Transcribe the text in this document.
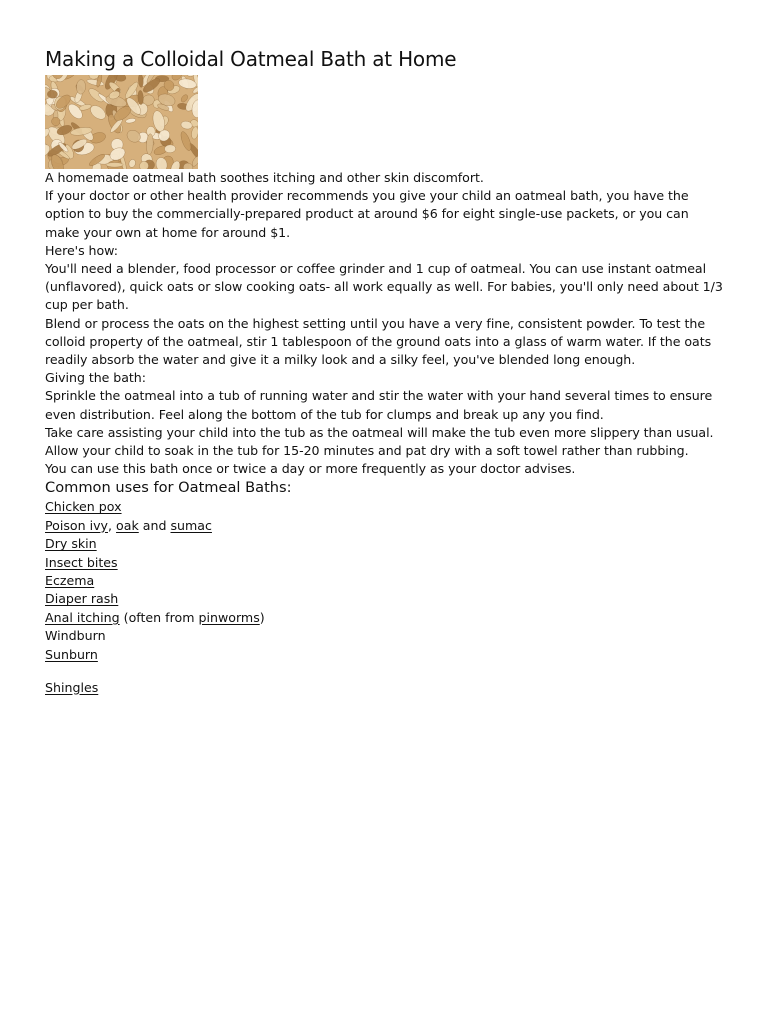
Making a Colloidal Oatmeal Bath at Home

A homemade oatmeal bath soothes itching and other skin discomfort.

If your doctor or other health provider recommends you give your child an oatmeal bath, you have the option to buy the commercially-prepared product at around $6 for eight single-use packets, or you can make your own at home for around $1.

Here's how:

You'll need a blender, food processor or coffee grinder and 1 cup of oatmeal. You can use instant oatmeal (unflavored), quick oats or slow cooking oats- all work equally as well. For babies, you'll only need about 1/3 cup per bath.

Blend or process the oats on the highest setting until you have a very fine, consistent powder. To test the colloid property of the oatmeal, stir 1 tablespoon of the ground oats into a glass of warm water. If the oats readily absorb the water and give it a milky look and a silky feel, you've blended long enough.

Giving the bath:

Sprinkle the oatmeal into a tub of running water and stir the water with your hand several times to ensure even distribution. Feel along the bottom of the tub for clumps and break up any you find.

Take care assisting your child into the tub as the oatmeal will make the tub even more slippery than usual.

Allow your child to soak in the tub for 15-20 minutes and pat dry with a soft towel rather than rubbing.

You can use this bath once or twice a day or more frequently as your doctor advises.

Common uses for Oatmeal Baths:
Chicken pox
Poison ivy, oak and sumac
Dry skin
Insect bites
Eczema
Diaper rash
Anal itching (often from pinworms)
Windburn
Sunburn
Shingles
